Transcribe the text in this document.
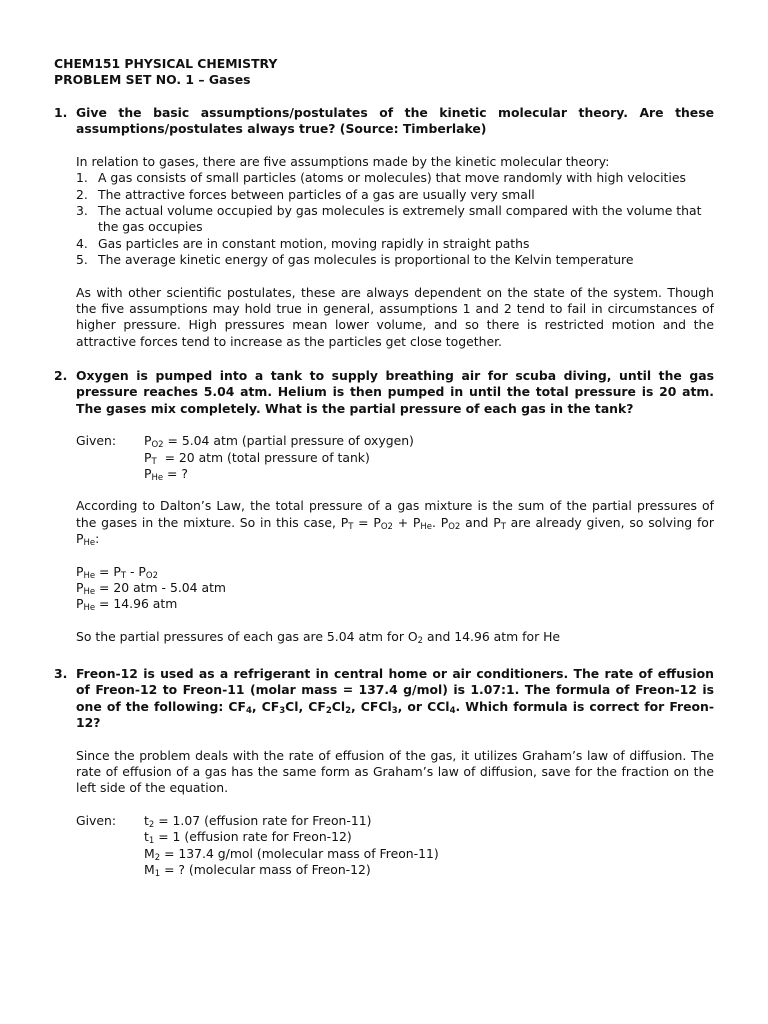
CHEM151 PHYSICAL CHEMISTRY
PROBLEM SET NO. 1 – Gases
1. Give the basic assumptions/postulates of the kinetic molecular theory. Are these assumptions/postulates always true? (Source: Timberlake)
In relation to gases, there are five assumptions made by the kinetic molecular theory:
1. A gas consists of small particles (atoms or molecules) that move randomly with high velocities
2. The attractive forces between particles of a gas are usually very small
3. The actual volume occupied by gas molecules is extremely small compared with the volume that the gas occupies
4. Gas particles are in constant motion, moving rapidly in straight paths
5. The average kinetic energy of gas molecules is proportional to the Kelvin temperature
As with other scientific postulates, these are always dependent on the state of the system. Though the five assumptions may hold true in general, assumptions 1 and 2 tend to fail in circumstances of higher pressure. High pressures mean lower volume, and so there is restricted motion and the attractive forces tend to increase as the particles get close together.
2. Oxygen is pumped into a tank to supply breathing air for scuba diving, until the gas pressure reaches 5.04 atm. Helium is then pumped in until the total pressure is 20 atm. The gases mix completely. What is the partial pressure of each gas in the tank?
Given:	$P_{O2} = 5.04$ atm (partial pressure of oxygen)
$P_T = 20$ atm (total pressure of tank)
$P_{He}$ = ?
According to Dalton’s Law, the total pressure of a gas mixture is the sum of the partial pressures of the gases in the mixture. So in this case, $P_T = P_{O2} + P_{He}$. $P_{O2}$ and $P_T$ are already given, so solving for $P_{He}$:
$P_{He} = P_T - P_{O2}$
$P_{He} = 20$ atm - 5.04 atm
$P_{He} = 14.96$ atm
So the partial pressures of each gas are 5.04 atm for $O_2$ and 14.96 atm for He
3. Freon-12 is used as a refrigerant in central home or air conditioners. The rate of effusion of Freon-12 to Freon-11 (molar mass = 137.4 g/mol) is 1.07:1. The formula of Freon-12 is one of the following: $CF_4$, $CF_3Cl$, $CF_2Cl_2$, CFCl$_3$, or CCl$_4$. Which formula is correct for Freon-12?
Since the problem deals with the rate of effusion of the gas, it utilizes Graham’s law of diffusion. The rate of effusion of a gas has the same form as Graham’s law of diffusion, save for the fraction on the left side of the equation.
Given:	$t_2 = 1.07$ (effusion rate for Freon-11)
$t_1 = 1$ (effusion rate for Freon-12)
$M_2 = 137.4$ g/mol (molecular mass of Freon-11)
$M_1$ = ? (molecular mass of Freon-12)
